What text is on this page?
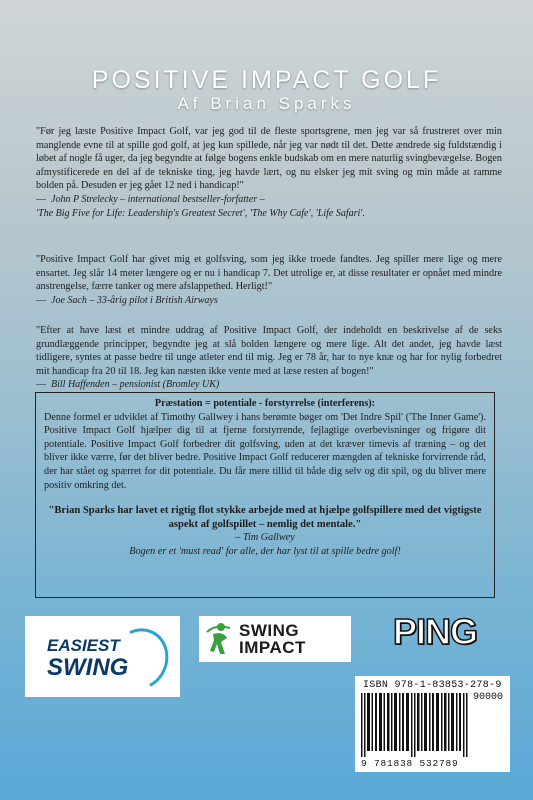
POSITIVE IMPACT GOLF
Af Brian Sparks

"Før jeg læste Positive Impact Golf, var jeg god til de fleste sportsgrene, men jeg var så frustreret over min manglende evne til at spille god golf, at jeg kun spillede, når jeg var nødt til det. Dette ændrede sig fuldstændig i løbet af nogle få uger, da jeg begyndte at følge bogens enkle budskab om en mere naturlig svingbevægelse. Bogen afmystificerede en del af de tekniske ting, jeg havde lært, og nu elsker jeg mit sving og min måde at ramme bolden på. Desuden er jeg gået 12 ned i handicap!"

— John P Strelecky – international bestseller-forfatter –

'The Big Five for Life: Leadership's Greatest Secret', 'The Why Cafe', 'Life Safari'.

"Positive Impact Golf har givet mig et golfsving, som jeg ikke troede fandtes. Jeg spiller mere lige og mere ensartet. Jeg slår 14 meter længere og er nu i handicap 7. Det utrolige er, at disse resultater er opnået med mindre anstrengelse, færre tanker og mere afslappethed. Herligt!"

— Joe Sach – 33-årig pilot i British Airways

"Efter at have læst et mindre uddrag af Positive Impact Golf, der indeholdt en beskrivelse af de seks grundlæggende principper, begyndte jeg at slå bolden længere og mere lige. Alt det andet, jeg havde læst tidligere, syntes at passe bedre til unge atleter end til mig. Jeg er 78 år, har to nye knæ og har for nylig forbedret mit handicap fra 20 til 18. Jeg kan næsten ikke vente med at læse resten af bogen!"

— Bill Haffenden – pensionist (Bromley UK)

Præstation = potentiale - forstyrrelse (interferens):

Denne formel er udviklet af Timothy Gallwey i hans berømte bøger om 'Det Indre Spil' ('The Inner Game'). Positive Impact Golf hjælper dig til at fjerne forstyrrende, fejlagtige overbevisninger og frigøre dit potentiale. Positive Impact Golf forbedrer dit golfsving, uden at det kræver timevis af træning – og det bliver ikke værre, før det bliver bedre. Positive Impact Golf reducerer mængden af tekniske forvirrende råd, der har stået og spærret for dit potentiale. Du får mere tillid til både dig selv og dit spil, og du bliver mere positiv omkring det.

"Brian Sparks har lavet et rigtig flot stykke arbejde med at hjælpe golfspillere med det vigtigste aspekt af golfspillet – nemlig det mentale."

– Tim Gallwey

Bogen er et 'must read' for alle, der har lyst til at spille bedre golf!

EASIEST
SWING
SWING
IMPACT PING
ISBN 978-1-83853-278-9
90000
9 781838 532789
